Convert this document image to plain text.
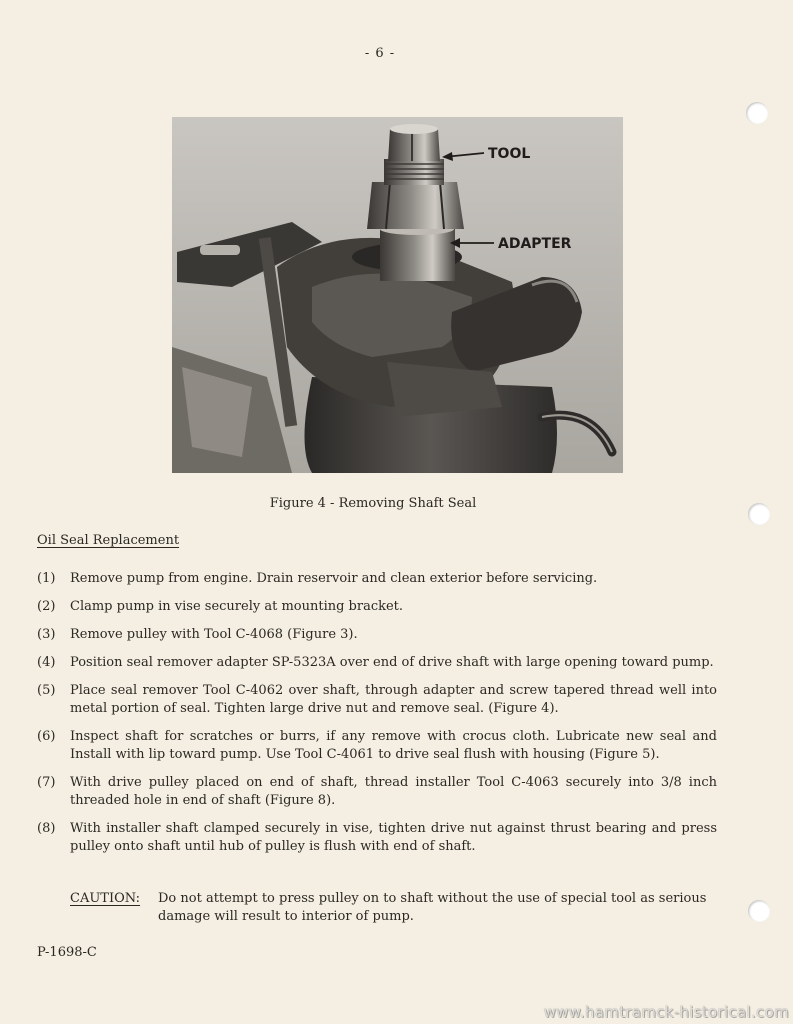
- 6 -
TOOL
ADAPTER
Figure 4 - Removing Shaft Seal
Oil Seal Replacement
(1)	Remove pump from engine. Drain reservoir and clean exterior before servicing.
(2)	Clamp pump in vise securely at mounting bracket.
(3)	Remove pulley with Tool C-4068 (Figure 3).
(4)	Position seal remover adapter SP-5323A over end of drive shaft with large opening toward pump.
(5)	Place seal remover Tool C-4062 over shaft, through adapter and screw tapered thread well into metal portion of seal. Tighten large drive nut and remove seal. (Figure 4).
(6)	Inspect shaft for scratches or burrs, if any remove with crocus cloth. Lubricate new seal and Install with lip toward pump. Use Tool C-4061 to drive seal flush with housing (Figure 5).
(7)	With drive pulley placed on end of shaft, thread installer Tool C-4063 securely into 3/8 inch threaded hole in end of shaft (Figure 8).
(8)	With installer shaft clamped securely in vise, tighten drive nut against thrust bearing and press pulley onto shaft until hub of pulley is flush with end of shaft.
CAUTION:	Do not attempt to press pulley on to shaft without the use of special tool as serious damage will result to interior of pump.
P-1698-C
www.hamtramck-historical.com
